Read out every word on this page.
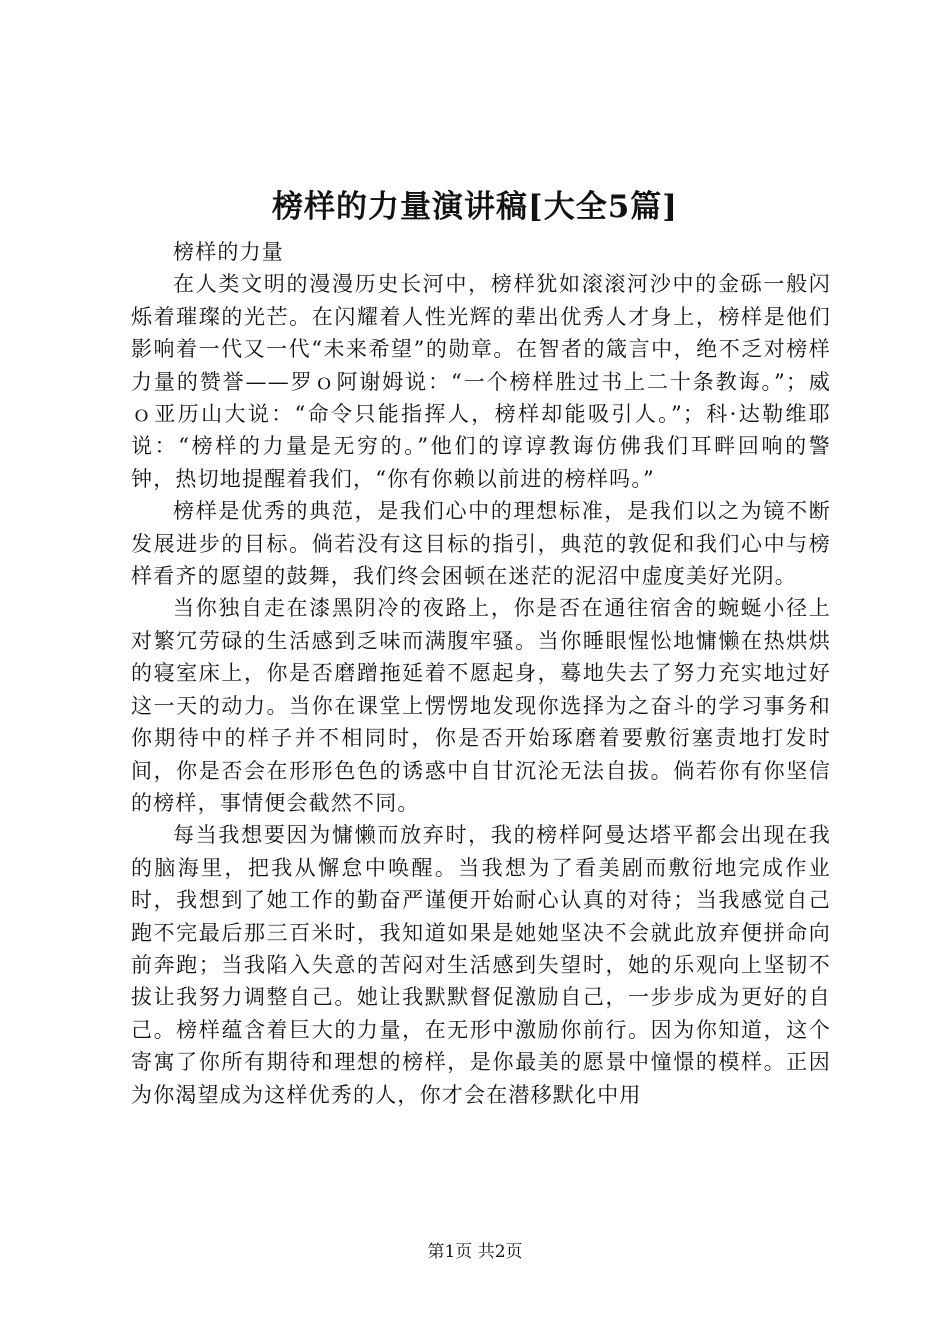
榜样的力量演讲稿[大全5篇]

榜样的力量

在人类文明的漫漫历史长河中，榜样犹如滚滚河沙中的金砾一般闪烁着璀璨的光芒。在闪耀着人性光辉的辈出优秀人才身上，榜样是他们影响着一代又一代“未来希望”的勋章。在智者的箴言中，绝不乏对榜样力量的赞誉——罗ｏ阿谢姆说：“一个榜样胜过书上二十条教诲。”；威ｏ亚历山大说：“命令只能指挥人，榜样却能吸引人。”；科·达勒维耶说：“榜样的力量是无穷的。”他们的谆谆教诲仿佛我们耳畔回响的警钟，热切地提醒着我们，“你有你赖以前进的榜样吗。”

榜样是优秀的典范，是我们心中的理想标准，是我们以之为镜不断发展进步的目标。倘若没有这目标的指引，典范的敦促和我们心中与榜样看齐的愿望的鼓舞，我们终会困顿在迷茫的泥沼中虚度美好光阴。

当你独自走在漆黑阴冷的夜路上，你是否在通往宿舍的蜿蜒小径上对繁冗劳碌的生活感到乏味而满腹牢骚。当你睡眼惺忪地慵懒在热烘烘的寝室床上，你是否磨蹭拖延着不愿起身，蓦地失去了努力充实地过好这一天的动力。当你在课堂上愣愣地发现你选择为之奋斗的学习事务和你期待中的样子并不相同时，你是否开始琢磨着要敷衍塞责地打发时间，你是否会在形形色色的诱惑中自甘沉沦无法自拔。倘若你有你坚信的榜样，事情便会截然不同。

每当我想要因为慵懒而放弃时，我的榜样阿曼达塔平都会出现在我的脑海里，把我从懈怠中唤醒。当我想为了看美剧而敷衍地完成作业时，我想到了她工作的勤奋严谨便开始耐心认真的对待；当我感觉自己跑不完最后那三百米时，我知道如果是她她坚决不会就此放弃便拼命向前奔跑；当我陷入失意的苦闷对生活感到失望时，她的乐观向上坚韧不拔让我努力调整自己。她让我默默督促激励自己，一步步成为更好的自己。榜样蕴含着巨大的力量，在无形中激励你前行。因为你知道，这个寄寓了你所有期待和理想的榜样，是你最美的愿景中憧憬的模样。正因为你渴望成为这样优秀的人，你才会在潜移默化中用

第1页 共2页
